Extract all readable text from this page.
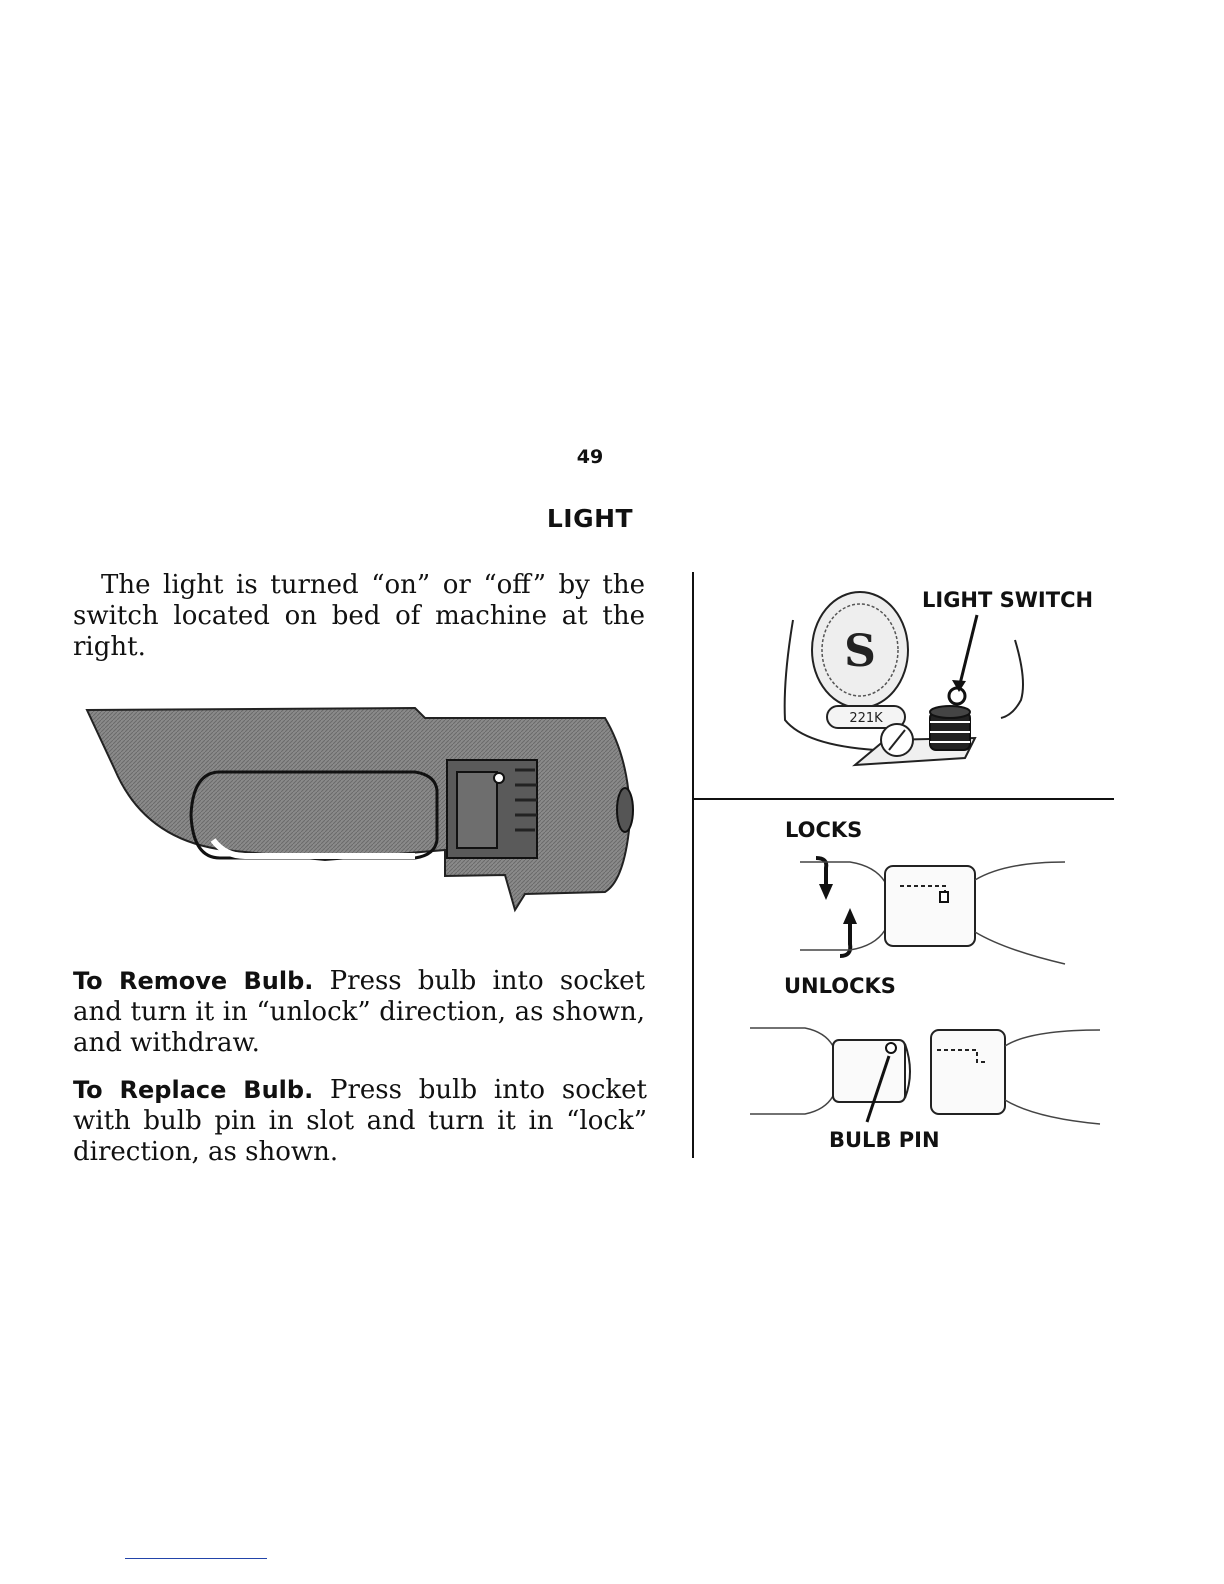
49
LIGHT
The light is turned “on” or “off” by the switch located on bed of machine at the right.
To Remove Bulb. Press bulb into socket and turn it in “unlock” direction, as shown, and withdraw.
To Replace Bulb. Press bulb into socket with bulb pin in slot and turn it in “lock” direction, as shown.
S
221K
LIGHT SWITCH
LOCKS
UNLOCKS
BULB PIN
